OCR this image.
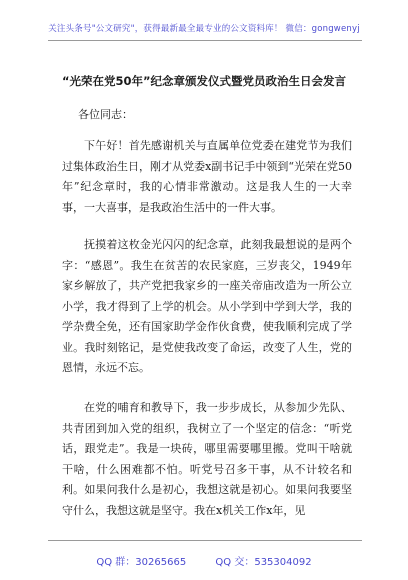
关注头条号"公文研究"，获得最新最全最专业的公文资料库！ 微信：gongwenyj
“光荣在党50年”纪念章颁发仪式暨党员政治生日会发言
各位同志：

下午好！首先感谢机关与直属单位党委在建党节为我们过集体政治生日，刚才从党委x副书记手中领到“光荣在党50年”纪念章时，我的心情非常激动。这是我人生的一大幸事，一大喜事，是我政治生活中的一件大事。

抚摸着这枚金光闪闪的纪念章，此刻我最想说的是两个字：“感恩”。我生在贫苦的农民家庭，三岁丧父，1949年家乡解放了，共产党把我家乡的一座关帝庙改造为一所公立小学，我才得到了上学的机会。从小学到中学到大学，我的学杂费全免，还有国家助学金作伙食费，使我顺利完成了学业。我时刻铭记，是党使我改变了命运，改变了人生，党的恩情，永远不忘。

在党的哺育和教导下，我一步步成长，从参加少先队、共青团到加入党的组织，我树立了一个坚定的信念：“听党话，跟党走”。我是一块砖，哪里需要哪里搬。党叫干啥就干啥，什么困难都不怕。听党号召多干事，从不计较名和利。如果问我什么是初心，我想这就是初心。如果问我要坚守什么，我想这就是坚守。我在x机关工作x年，见

QQ 群：30265665	QQ 交：535304092
